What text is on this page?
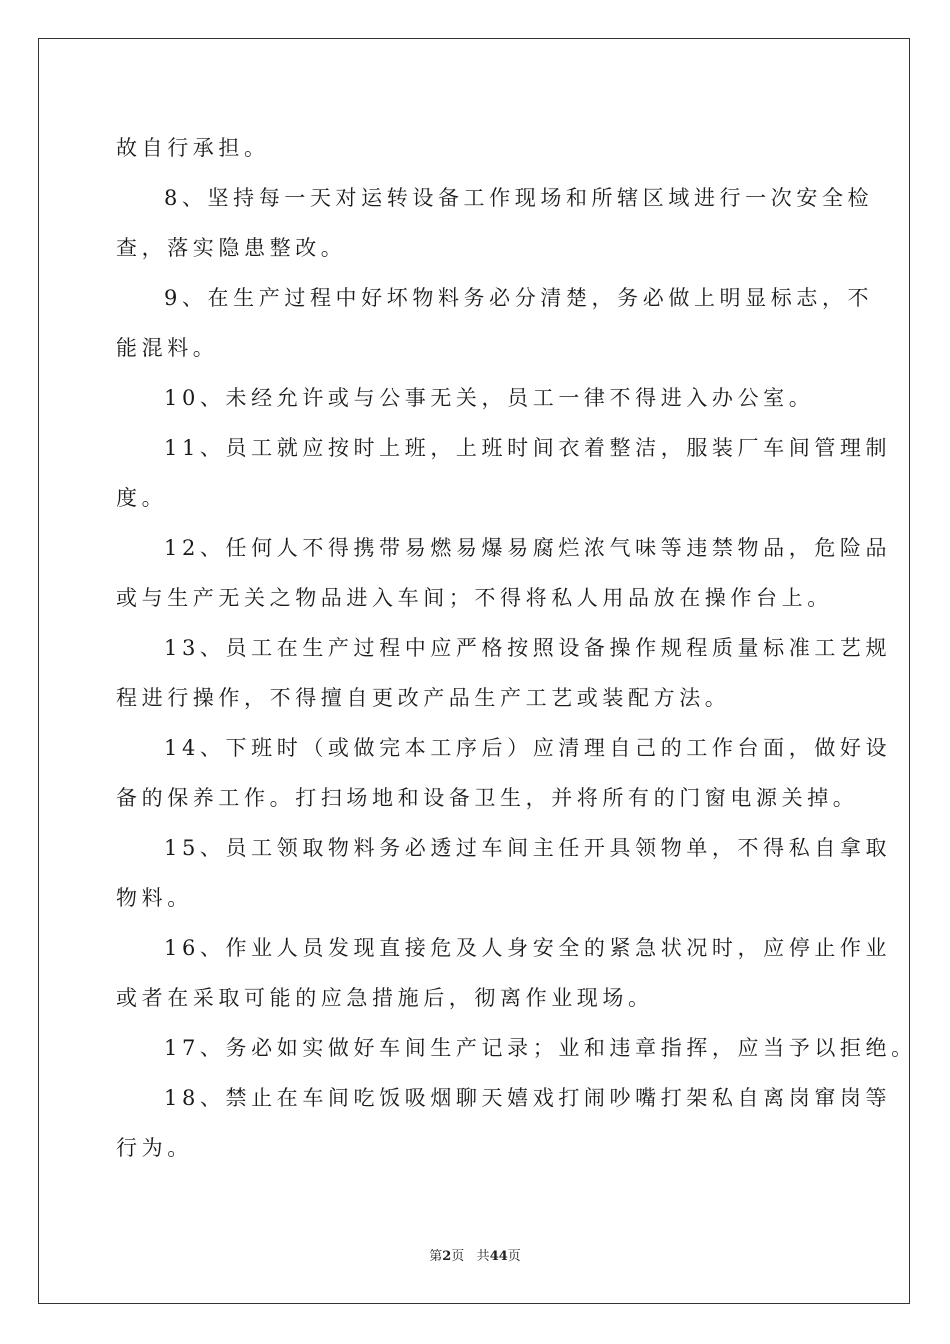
故自行承担。
8、坚持每一天对运转设备工作现场和所辖区域进行一次安全检
查，落实隐患整改。
9、在生产过程中好坏物料务必分清楚，务必做上明显标志，不
能混料。
10、未经允许或与公事无关，员工一律不得进入办公室。
11、员工就应按时上班，上班时间衣着整洁，服装厂车间管理制
度。
12、任何人不得携带易燃易爆易腐烂浓气味等违禁物品，危险品
或与生产无关之物品进入车间；不得将私人用品放在操作台上。
13、员工在生产过程中应严格按照设备操作规程质量标准工艺规
程进行操作，不得擅自更改产品生产工艺或装配方法。
14、下班时（或做完本工序后）应清理自己的工作台面，做好设
备的保养工作。打扫场地和设备卫生，并将所有的门窗电源关掉。
15、员工领取物料务必透过车间主任开具领物单，不得私自拿取
物料。
16、作业人员发现直接危及人身安全的紧急状况时，应停止作业
或者在采取可能的应急措施后，彻离作业现场。
17、务必如实做好车间生产记录；业和违章指挥，应当予以拒绝。
18、禁止在车间吃饭吸烟聊天嬉戏打闹吵嘴打架私自离岗窜岗等
行为。
第2页 共44页
